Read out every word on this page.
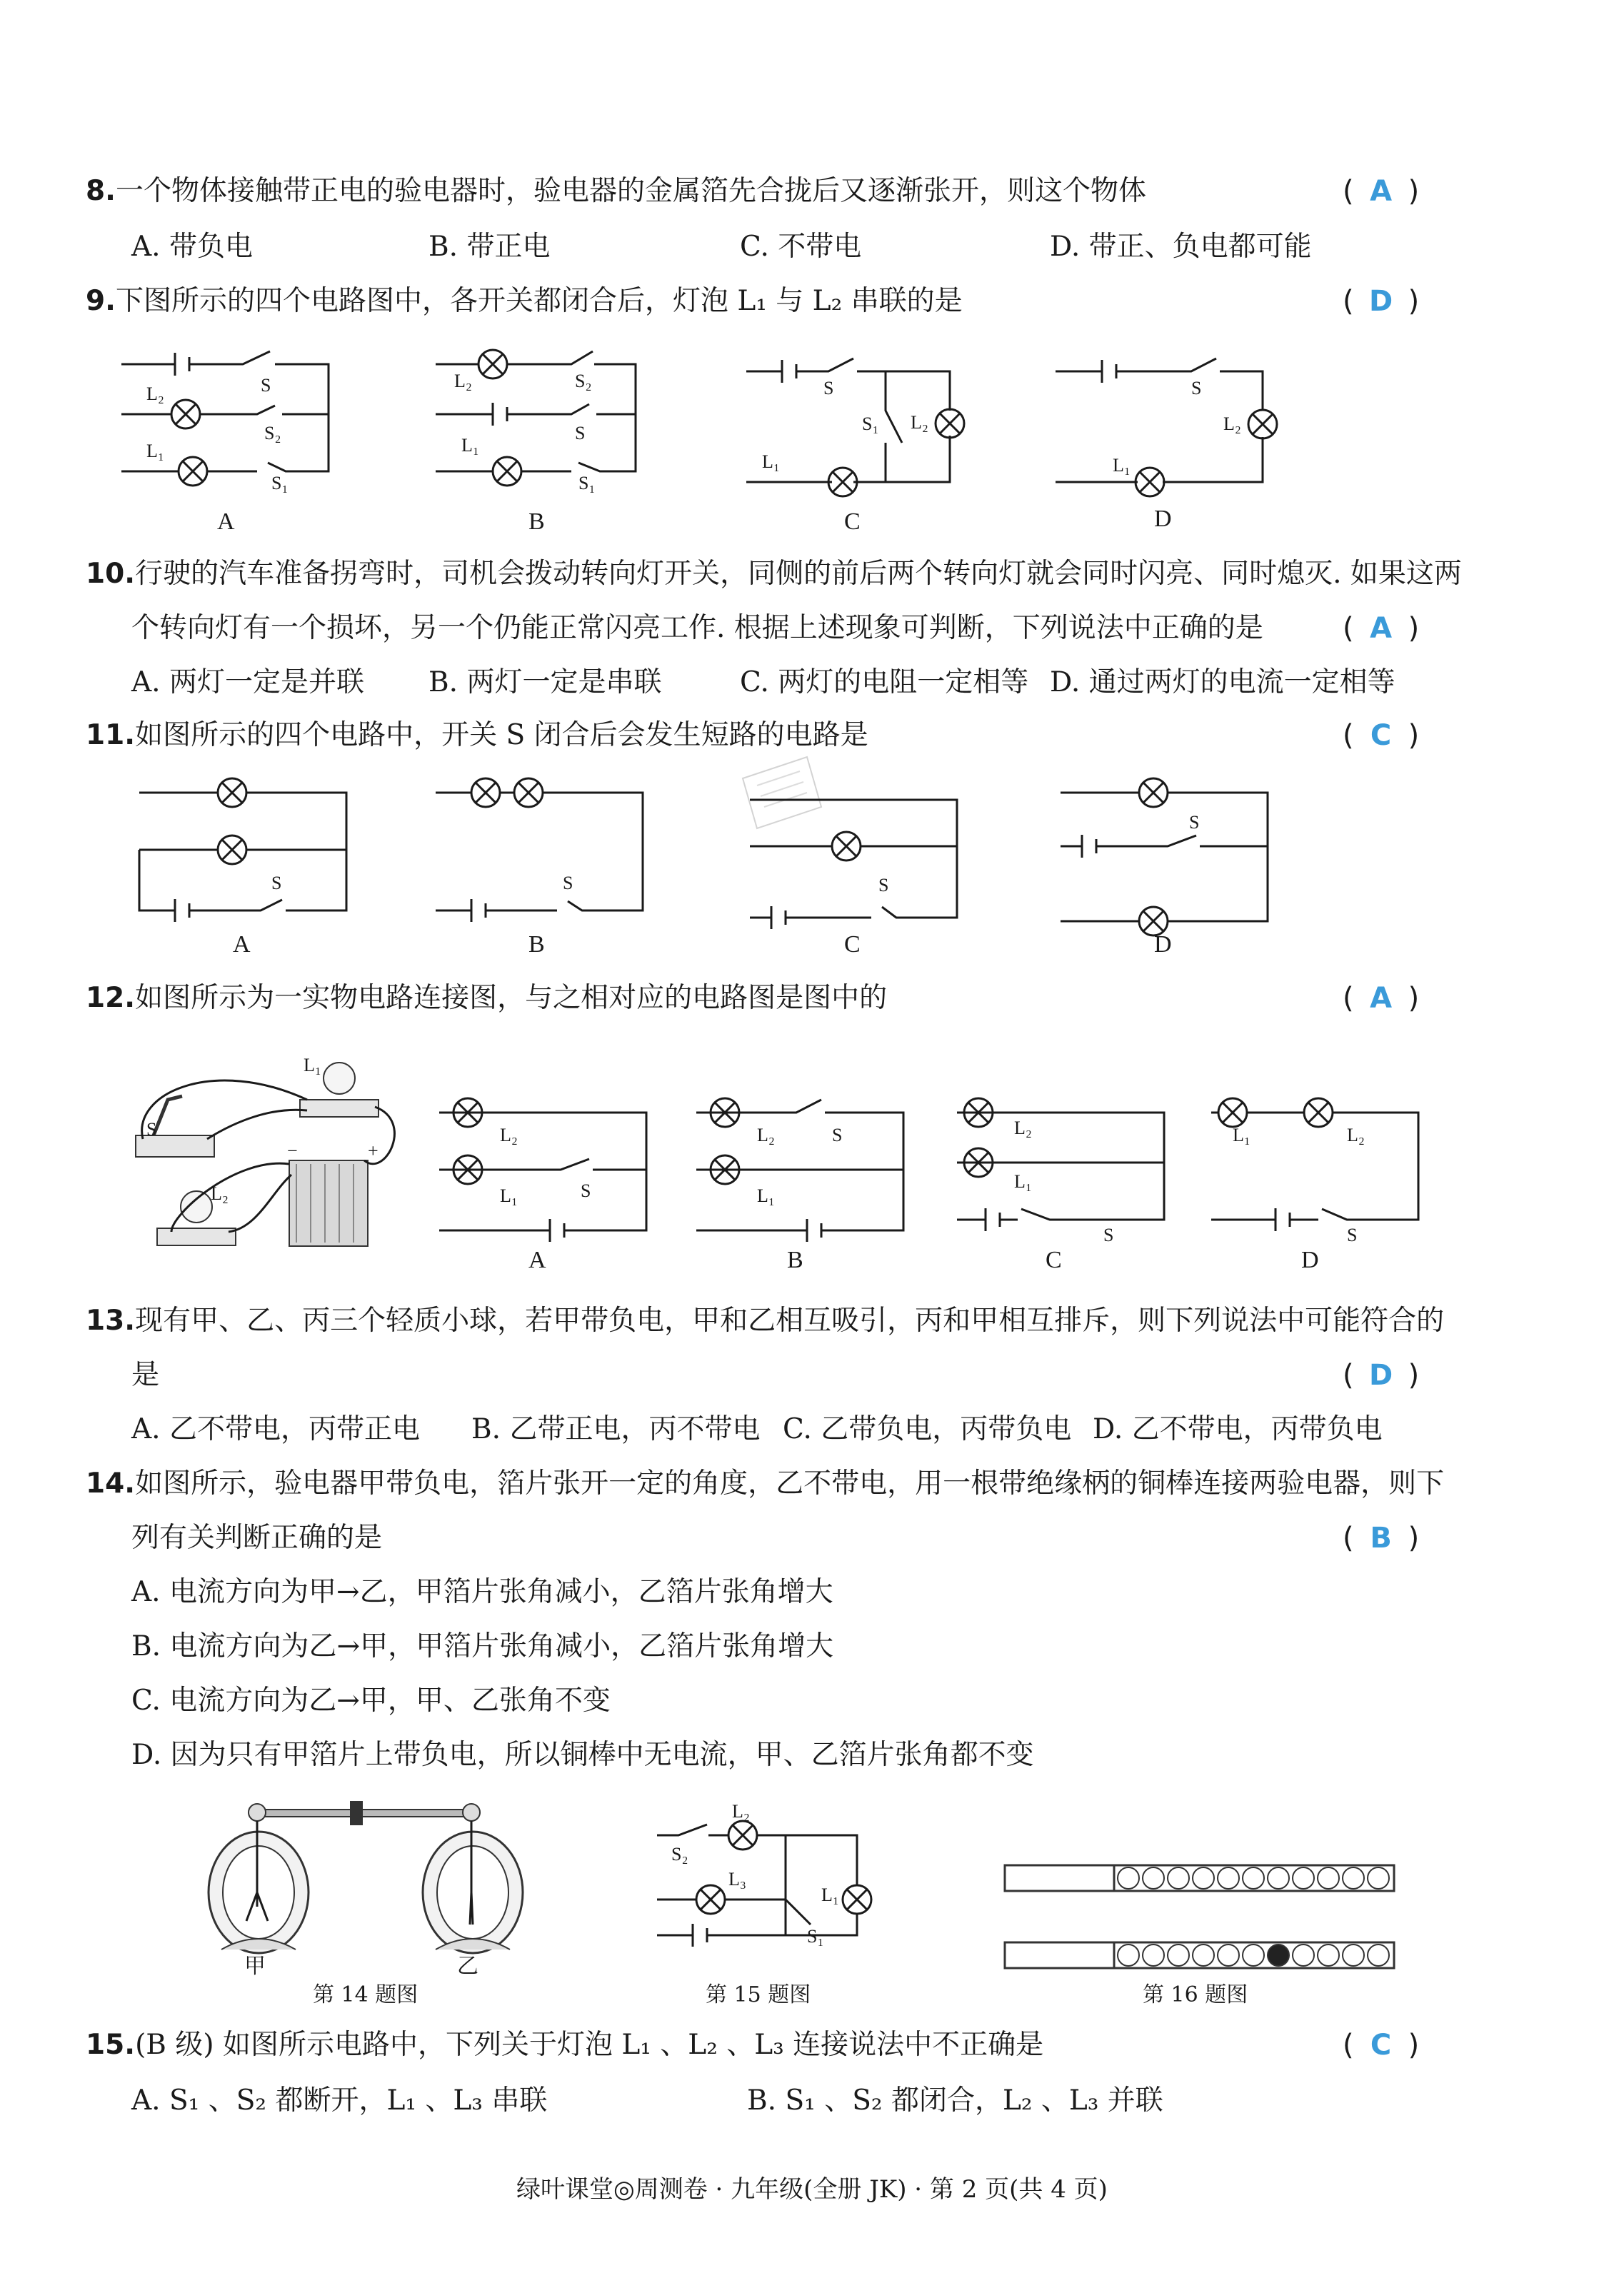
8.一个物体接触带正电的验电器时，验电器的金属箔先合拢后又逐渐张开，则这个物体	( A )
A. 带负电	B. 带正电	C. 不带电	D. 带正、负电都可能
9.下图所示的四个电路图中，各开关都闭合后，灯泡 L₁ 与 L₂ 串联的是	( D )
L₂
L₁
S
S₂
S₁
A
L₂
L₁
S₂
S
S₁
B
S
S₁ L₂
L₁
C
S
L₂
L₁
D
10.行驶的汽车准备拐弯时，司机会拨动转向灯开关，同侧的前后两个转向灯就会同时闪亮、同时熄灭. 如果这两
个转向灯有一个损坏，另一个仍能正常闪亮工作. 根据上述现象可判断，下列说法中正确的是	( A )
A. 两灯一定是并联 B. 两灯一定是串联	C. 两灯的电阻一定相等 D. 通过两灯的电流一定相等
11.如图所示的四个电路中，开关 S 闭合后会发生短路的电路是	( C )
S
A
S
B
S
C
S
D
12.如图所示为一实物电路连接图，与之相对应的电路图是图中的	( A )
S
L₁
L₂
−	+
L₂
L₁	S
A
L₂
L₁
S
B
L₂
L₁
S
C
L₁	L₂
S
D
13.现有甲、乙、丙三个轻质小球，若甲带负电，甲和乙相互吸引，丙和甲相互排斥，则下列说法中可能符合的
是	( D )
A. 乙不带电，丙带正电 B. 乙带正电，丙不带电 C. 乙带负电，丙带负电 D. 乙不带电，丙带负电
14.如图所示，验电器甲带负电，箔片张开一定的角度，乙不带电，用一根带绝缘柄的铜棒连接两验电器，则下
列有关判断正确的是	( B )
A. 电流方向为甲→乙，甲箔片张角减小，乙箔片张角增大
B. 电流方向为乙→甲，甲箔片张角减小，乙箔片张角增大
C. 电流方向为乙→甲，甲、乙张角不变
D. 因为只有甲箔片上带负电，所以铜棒中无电流，甲、乙箔片张角都不变
甲	乙
第 14 题图
L₂
S₂
L₃
L₁
S₁
第 15 题图	第 16 题图
15.(B 级) 如图所示电路中，下列关于灯泡 L₁ 、L₂ 、L₃ 连接说法中不正确是	( C )
A. S₁ 、S₂ 都断开，L₁ 、L₃ 串联	B. S₁ 、S₂ 都闭合，L₂ 、L₃ 并联
绿叶课堂◎周测卷 · 九年级(全册 JK) · 第 2 页(共 4 页)
